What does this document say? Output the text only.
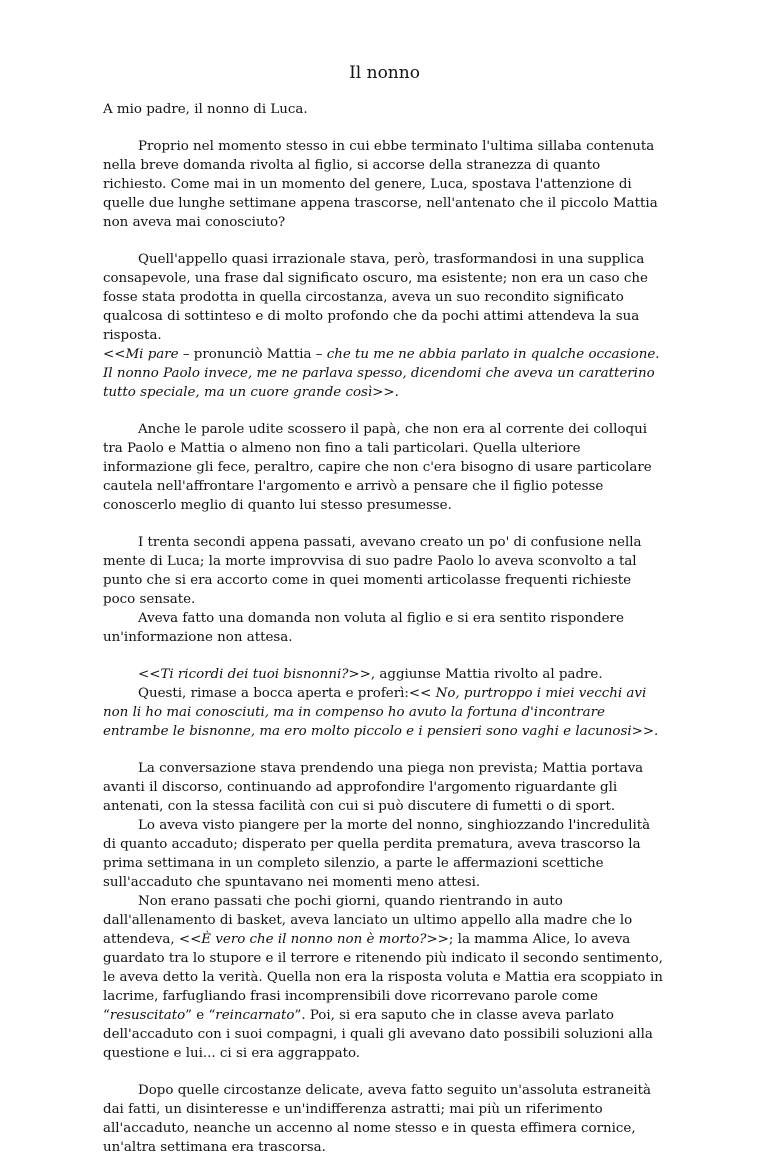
Il nonno

A mio padre, il nonno di Luca.

Proprio nel momento stesso in cui ebbe terminato l'ultima sillaba contenuta nella breve domanda rivolta al figlio, si accorse della stranezza di quanto richiesto. Come mai in un momento del genere, Luca, spostava l'attenzione di quelle due lunghe settimane appena trascorse, nell'antenato che il piccolo Mattia non aveva mai conosciuto?

Quell'appello quasi irrazionale stava, però, trasformandosi in una supplica consapevole, una frase dal significato oscuro, ma esistente; non era un caso che fosse stata prodotta in quella circostanza, aveva un suo recondito significato qualcosa di sottinteso e di molto profondo che da pochi attimi attendeva la sua risposta.

<<Mi pare – pronunciò Mattia – che tu me ne abbia parlato in qualche occasione. Il nonno Paolo invece, me ne parlava spesso, dicendomi che aveva un caratterino tutto speciale, ma un cuore grande così>>.

Anche le parole udite scossero il papà, che non era al corrente dei colloqui tra Paolo e Mattia o almeno non fino a tali particolari. Quella ulteriore informazione gli fece, peraltro, capire che non c'era bisogno di usare particolare cautela nell'affrontare l'argomento e arrivò a pensare che il figlio potesse conoscerlo meglio di quanto lui stesso presumesse.

I trenta secondi appena passati, avevano creato un po' di confusione nella mente di Luca; la morte improvvisa di suo padre Paolo lo aveva sconvolto a tal punto che si era accorto come in quei momenti articolasse frequenti richieste poco sensate.

Aveva fatto una domanda non voluta al figlio e si era sentito rispondere un'informazione non attesa.

<<Ti ricordi dei tuoi bisnonni?>>, aggiunse Mattia rivolto al padre.

Questi, rimase a bocca aperta e proferì:<< No, purtroppo i miei vecchi avi non li ho mai conosciuti, ma in compenso ho avuto la fortuna d'incontrare entrambe le bisnonne, ma ero molto piccolo e i pensieri sono vaghi e lacunosi>>.

La conversazione stava prendendo una piega non prevista; Mattia portava avanti il discorso, continuando ad approfondire l'argomento riguardante gli antenati, con la stessa facilità con cui si può discutere di fumetti o di sport.

Lo aveva visto piangere per la morte del nonno, singhiozzando l'incredulità di quanto accaduto; disperato per quella perdita prematura, aveva trascorso la prima settimana in un completo silenzio, a parte le affermazioni scettiche sull'accaduto che spuntavano nei momenti meno attesi.

Non erano passati che pochi giorni, quando rientrando in auto dall'allenamento di basket, aveva lanciato un ultimo appello alla madre che lo attendeva, <<È vero che il nonno non è morto?>>; la mamma Alice, lo aveva guardato tra lo stupore e il terrore e ritenendo più indicato il secondo sentimento, le aveva detto la verità. Quella non era la risposta voluta e Mattia era scoppiato in lacrime, farfugliando frasi incomprensibili dove ricorrevano parole come “resuscitato” e “reincarnato”. Poi, si era saputo che in classe aveva parlato dell'accaduto con i suoi compagni, i quali gli avevano dato possibili soluzioni alla questione e lui... ci si era aggrappato.

Dopo quelle circostanze delicate, aveva fatto seguito un'assoluta estraneità dai fatti, un disinteresse e un'indifferenza astratti; mai più un riferimento all'accaduto, neanche un accenno al nome stesso e in questa effimera cornice, un'altra settimana era trascorsa.
